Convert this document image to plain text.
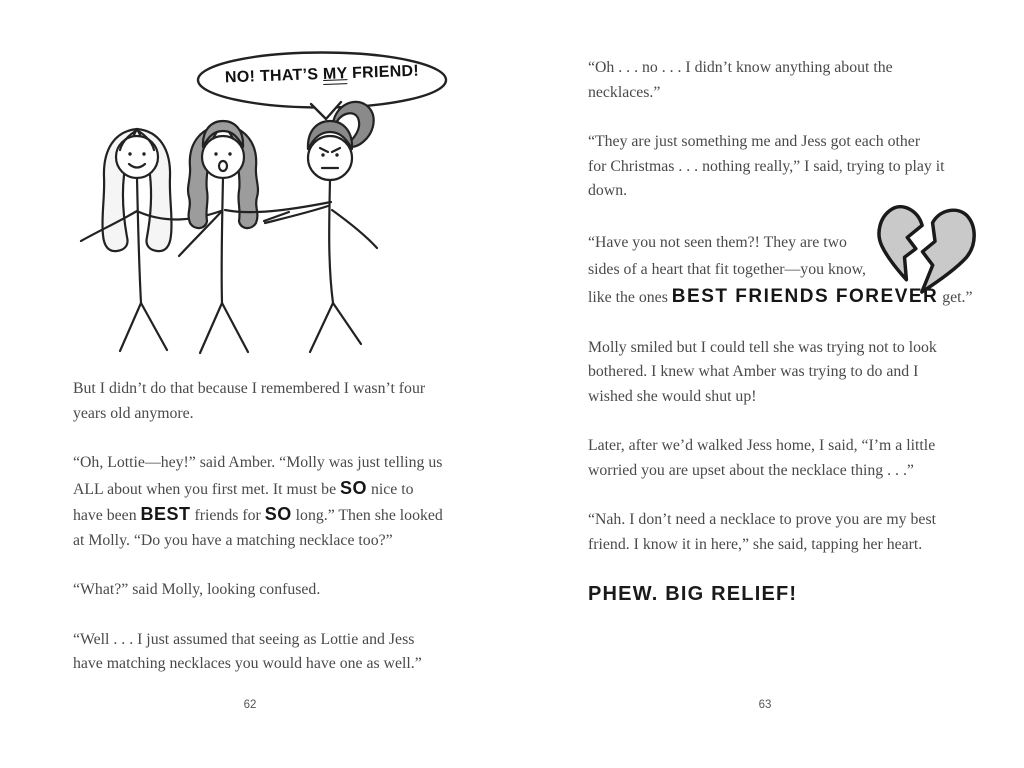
NO! THAT’S MY FRIEND!

But I didn’t do that because I remembered I wasn’t four
years old anymore.

“Oh, Lottie—hey!” said Amber. “Molly was just telling us
ALL about when you first met. It must be SO nice to
have been BEST friends for SO long.” Then she looked
at Molly. “Do you have a matching necklace too?”

“What?” said Molly, looking confused.

“Well . . . I just assumed that seeing as Lottie and Jess
have matching necklaces you would have one as well.”

62

“Oh . . . no . . . I didn’t know anything about the
necklaces.”

“They are just something me and Jess got each other
for Christmas . . . nothing really,” I said, trying to play it
down.

“Have you not seen them?! They are two
sides of a heart that fit together—you know,
like the ones BEST FRIENDS FOREVER get.”

Molly smiled but I could tell she was trying not to look
bothered. I knew what Amber was trying to do and I
wished she would shut up!

Later, after we’d walked Jess home, I said, “I’m a little
worried you are upset about the necklace thing . . .”

“Nah. I don’t need a necklace to prove you are my best
friend. I know it in here,” she said, tapping her heart.

PHEW. BIG RELIEF!

63
